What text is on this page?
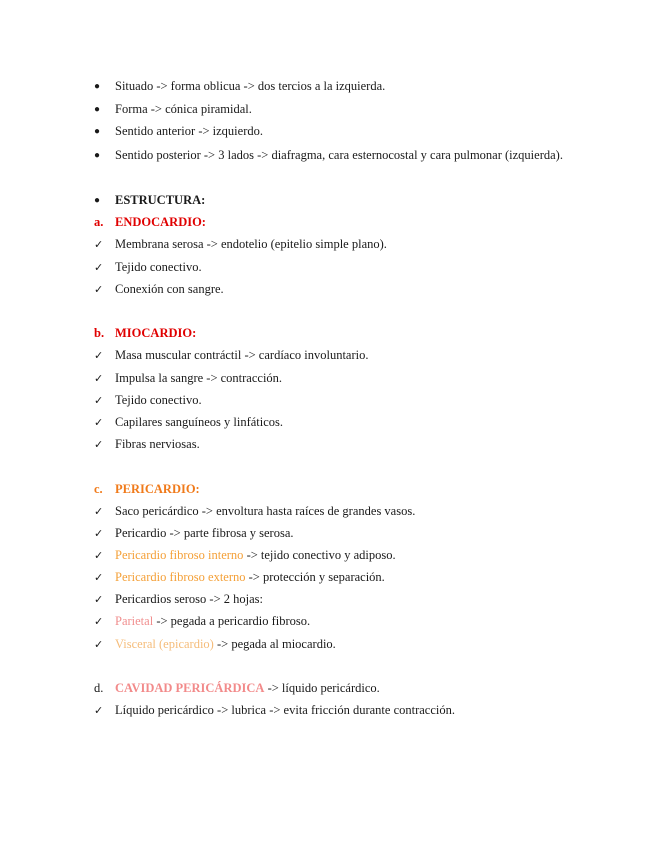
● Situado -> forma oblicua -> dos tercios a la izquierda.
● Forma -> cónica piramidal.
● Sentido anterior -> izquierdo.
● Sentido posterior -> 3 lados -> diafragma, cara esternocostal y cara pulmonar (izquierda).
● ESTRUCTURA:
a. ENDOCARDIO:
✓ Membrana serosa -> endotelio (epitelio simple plano).
✓ Tejido conectivo.
✓ Conexión con sangre.
b. MIOCARDIO:
✓ Masa muscular contráctil -> cardíaco involuntario.
✓ Impulsa la sangre -> contracción.
✓ Tejido conectivo.
✓ Capilares sanguíneos y linfáticos.
✓ Fibras nerviosas.
c. PERICARDIO:
✓ Saco pericárdico -> envoltura hasta raíces de grandes vasos.
✓ Pericardio -> parte fibrosa y serosa.
✓ Pericardio fibroso interno -> tejido conectivo y adiposo.
✓ Pericardio fibroso externo -> protección y separación.
✓ Pericardios seroso -> 2 hojas:
✓ Parietal -> pegada a pericardio fibroso.
✓ Visceral (epicardio) -> pegada al miocardio.
d. CAVIDAD PERICÁRDICA -> líquido pericárdico.
✓ Líquido pericárdico -> lubrica -> evita fricción durante contracción.
